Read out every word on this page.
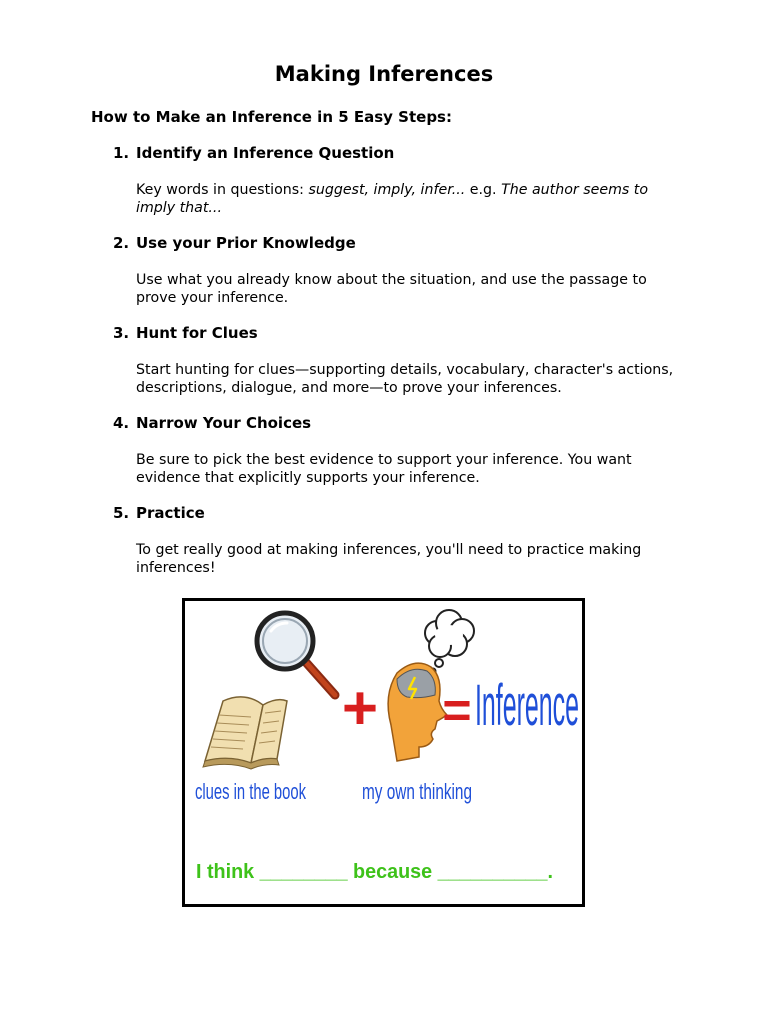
Making Inferences

How to Make an Inference in 5 Easy Steps:

1. Identify an Inference Question
Key words in questions: suggest, imply, infer... e.g. The author seems to imply that...
2. Use your Prior Knowledge
Use what you already know about the situation, and use the passage to prove your inference.
3. Hunt for Clues
Start hunting for clues—supporting details, vocabulary, character's actions, descriptions, dialogue, and more—to prove your inferences.
4. Narrow Your Choices
Be sure to pick the best evidence to support your inference. You want evidence that explicitly supports your inference.
5. Practice
To get really good at making inferences, you'll need to practice making inferences!
+ = Inference
clues in the book	my own thinking
I think ________ because __________.
